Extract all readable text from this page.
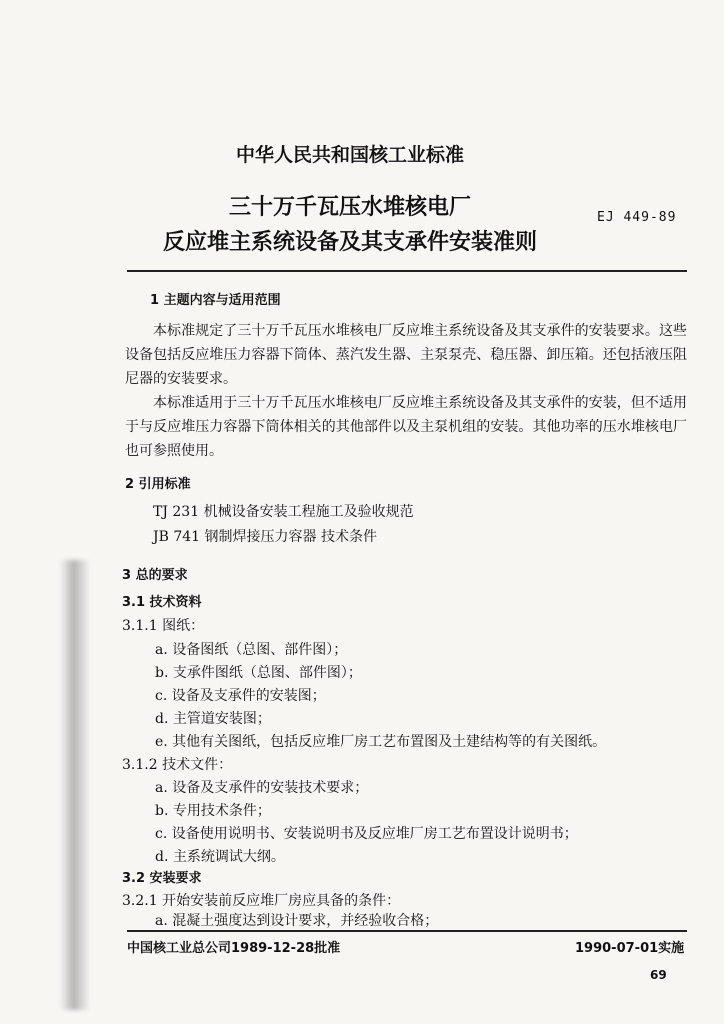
中华人民共和国核工业标准
三十万千瓦压水堆核电厂
反应堆主系统设备及其支承件安装准则
EJ 449-89
1 主题内容与适用范围
本标准规定了三十万千瓦压水堆核电厂反应堆主系统设备及其支承件的安装要求。这些设备包括反应堆压力容器下筒体、蒸汽发生器、主泵泵壳、稳压器、卸压箱。还包括液压阻尼器的安装要求。
本标准适用于三十万千瓦压水堆核电厂反应堆主系统设备及其支承件的安装，但不适用于与反应堆压力容器下筒体相关的其他部件以及主泵机组的安装。其他功率的压水堆核电厂也可参照使用。
2 引用标准
TJ 231 机械设备安装工程施工及验收规范
JB 741 钢制焊接压力容器 技术条件
3 总的要求
3.1 技术资料
3.1.1 图纸：
a. 设备图纸（总图、部件图）；
b. 支承件图纸（总图、部件图）；
c. 设备及支承件的安装图；
d. 主管道安装图；
e. 其他有关图纸，包括反应堆厂房工艺布置图及土建结构等的有关图纸。
3.1.2 技术文件：
a. 设备及支承件的安装技术要求；
b. 专用技术条件；
c. 设备使用说明书、安装说明书及反应堆厂房工艺布置设计说明书；
d. 主系统调试大纲。
3.2 安装要求
3.2.1 开始安装前反应堆厂房应具备的条件：
a. 混凝土强度达到设计要求，并经验收合格；
中国核工业总公司1989-12-28批准	1990-07-01实施
69
